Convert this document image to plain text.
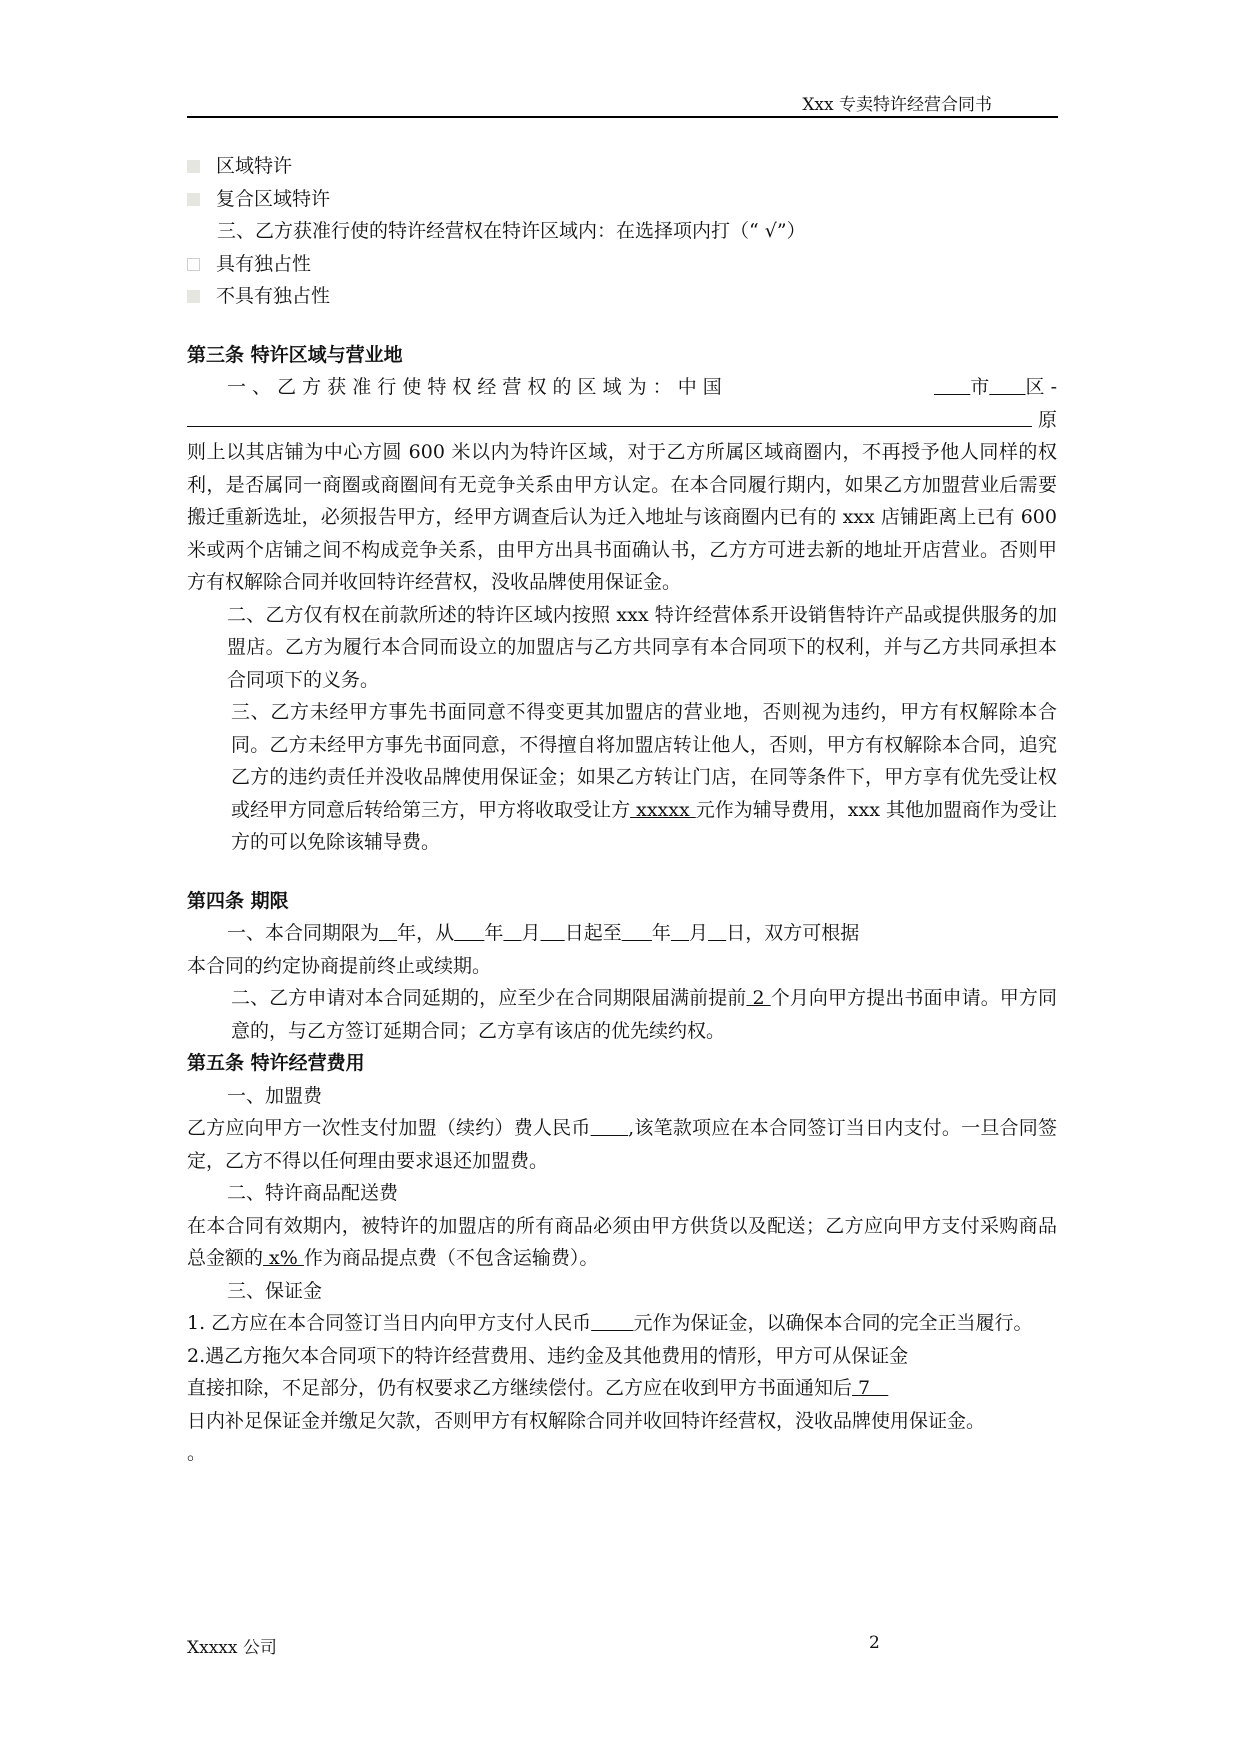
Xxx 专卖特许经营合同书
区域特许
复合区域特许
三、乙方获准行使的特许经营权在特许区域内：在选择项内打（“ √”）
具有独占性
不具有独占性
第三条 特许区域与营业地
一 、 乙 方 获 准 行 使 特 权 经 营 权 的 区 域 为 ： 中 国	市 区 -
原
则上以其店铺为中心方圆 600 米以内为特许区域，对于乙方所属区域商圈内，不再授予他人同样的权利，是否属同一商圈或商圈间有无竞争关系由甲方认定。在本合同履行期内，如果乙方加盟营业后需要搬迁重新选址，必须报告甲方，经甲方调查后认为迁入地址与该商圈内已有的 xxx 店铺距离上已有 600 米或两个店铺之间不构成竞争关系，由甲方出具书面确认书，乙方方可进去新的地址开店营业。否则甲方有权解除合同并收回特许经营权，没收品牌使用保证金。
二、乙方仅有权在前款所述的特许区域内按照 xxx 特许经营体系开设销售特许产品或提供服务的加盟店。乙方为履行本合同而设立的加盟店与乙方共同享有本合同项下的权利，并与乙方共同承担本合同项下的义务。
三、乙方未经甲方事先书面同意不得变更其加盟店的营业地，否则视为违约，甲方有权解除本合同。乙方未经甲方事先书面同意，不得擅自将加盟店转让他人，否则，甲方有权解除本合同，追究乙方的违约责任并没收品牌使用保证金；如果乙方转让门店，在同等条件下，甲方享有优先受让权或经甲方同意后转给第三方，甲方将收取受让方 xxxxx 元作为辅导费用，xxx 其他加盟商作为受让方的可以免除该辅导费。
第四条 期限
一、本合同期限为 年，从 年 月 日起至 年 月 日，双方可根据
本合同的约定协商提前终止或续期。
二、乙方申请对本合同延期的，应至少在合同期限届满前提前 2 个月向甲方提出书面申请。甲方同意的，与乙方签订延期合同；乙方享有该店的优先续约权。
第五条 特许经营费用
一、加盟费
乙方应向甲方一次性支付加盟（续约）费人民币 ,该笔款项应在本合同签订当日内支付。一旦合同签定，乙方不得以任何理由要求退还加盟费。
二、特许商品配送费
在本合同有效期内，被特许的加盟店的所有商品必须由甲方供货以及配送；乙方应向甲方支付采购商品总金额的 x% 作为商品提点费（不包含运输费）。
三、保证金
1. 乙方应在本合同签订当日内向甲方支付人民币 元作为保证金，以确保本合同的完全正当履行。
2.遇乙方拖欠本合同项下的特许经营费用、违约金及其他费用的情形，甲方可从保证金
直接扣除，不足部分，仍有权要求乙方继续偿付。乙方应在收到甲方书面通知后 7
日内补足保证金并缴足欠款，否则甲方有权解除合同并收回特许经营权，没收品牌使用保证金。
。
Xxxxx 公司	2
